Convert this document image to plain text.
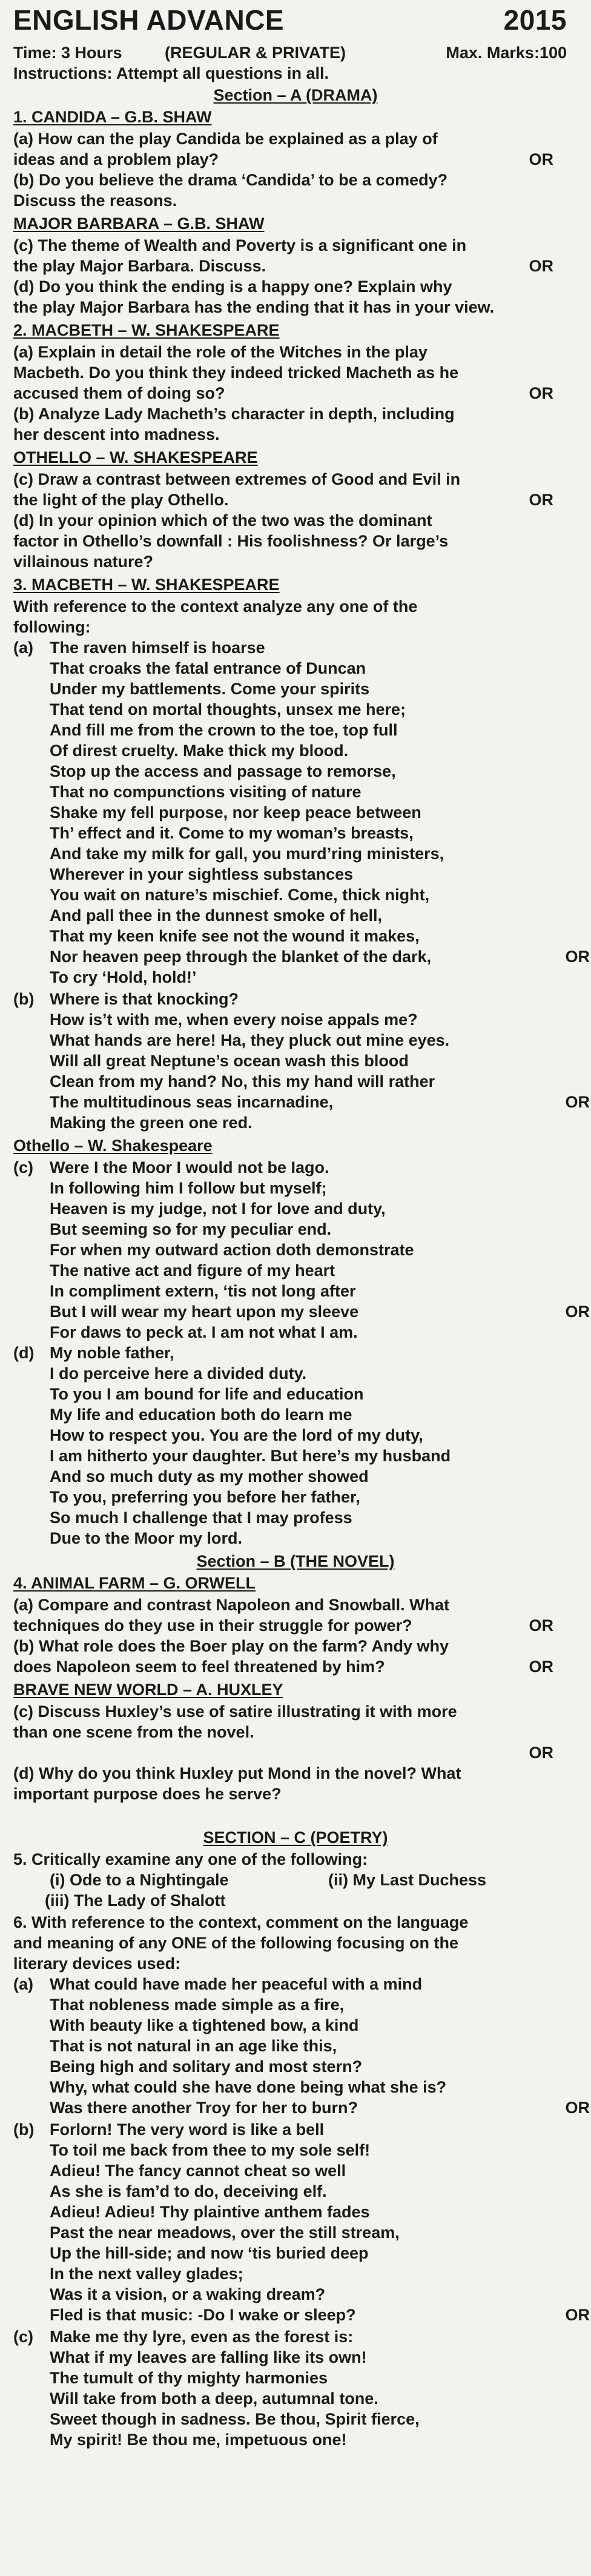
ENGLISH ADVANCE	2015
Time: 3 Hours	(REGULAR & PRIVATE)	Max. Marks:100
Instructions: Attempt all questions in all.
Section – A (DRAMA)
1. CANDIDA – G.B. SHAW
(a) How can the play Candida be explained as a play of
ideas and a problem play?	OR
(b) Do you believe the drama ‘Candida’ to be a comedy?
Discuss the reasons.
MAJOR BARBARA – G.B. SHAW
(c) The theme of Wealth and Poverty is a significant one in
the play Major Barbara. Discuss.	OR
(d) Do you think the ending is a happy one? Explain why
the play Major Barbara has the ending that it has in your view.
2. MACBETH – W. SHAKESPEARE
(a) Explain in detail the role of the Witches in the play
Macbeth. Do you think they indeed tricked Macheth as he
accused them of doing so?	OR
(b) Analyze Lady Macheth’s character in depth, including
her descent into madness.
OTHELLO – W. SHAKESPEARE
(c) Draw a contrast between extremes of Good and Evil in
the light of the play Othello.	OR
(d) In your opinion which of the two was the dominant
factor in Othello’s downfall : His foolishness? Or large’s
villainous nature?
3. MACBETH – W. SHAKESPEARE
With reference to the context analyze any one of the
following:
(a)	The raven himself is hoarse
That croaks the fatal entrance of Duncan
Under my battlements. Come your spirits
That tend on mortal thoughts, unsex me here;
And fill me from the crown to the toe, top full
Of direst cruelty. Make thick my blood.
Stop up the access and passage to remorse,
That no compunctions visiting of nature
Shake my fell purpose, nor keep peace between
Th’ effect and it. Come to my woman’s breasts,
And take my milk for gall, you murd’ring ministers,
Wherever in your sightless substances
You wait on nature’s mischief. Come, thick night,
And pall thee in the dunnest smoke of hell,
That my keen knife see not the wound it makes,
Nor heaven peep through the blanket of the dark,	OR
To cry ‘Hold, hold!’
(b) Where is that knocking?
How is’t with me, when every noise appals me?
What hands are here! Ha, they pluck out mine eyes.
Will all great Neptune’s ocean wash this blood
Clean from my hand? No, this my hand will rather
The multitudinous seas incarnadine,	OR
Making the green one red.
Othello – W. Shakespeare
(c)	Were I the Moor I would not be Iago.
In following him I follow but myself;
Heaven is my judge, not I for love and duty,
But seeming so for my peculiar end.
For when my outward action doth demonstrate
The native act and figure of my heart
In compliment extern, ‘tis not long after
But I will wear my heart upon my sleeve	OR
For daws to peck at. I am not what I am.
(d) My noble father,
I do perceive here a divided duty.
To you I am bound for life and education
My life and education both do learn me
How to respect you. You are the lord of my duty,
I am hitherto your daughter. But here’s my husband
And so much duty as my mother showed
To you, preferring you before her father,
So much I challenge that I may profess
Due to the Moor my lord.
Section – B (THE NOVEL)
4. ANIMAL FARM – G. ORWELL
(a) Compare and contrast Napoleon and Snowball. What
techniques do they use in their struggle for power?	OR
(b) What role does the Boer play on the farm? Andy why
does Napoleon seem to feel threatened by him?	OR
BRAVE NEW WORLD – A. HUXLEY
(c) Discuss Huxley’s use of satire illustrating it with more
than one scene from the novel.
OR
(d) Why do you think Huxley put Mond in the novel? What
important purpose does he serve?
SECTION – C (POETRY)
5. Critically examine any one of the following:
(i) Ode to a Nightingale	(ii) My Last Duchess
(iii) The Lady of Shalott
6. With reference to the context, comment on the language
and meaning of any ONE of the following focusing on the
literary devices used:
(a)	What could have made her peaceful with a mind
That nobleness made simple as a fire,
With beauty like a tightened bow, a kind
That is not natural in an age like this,
Being high and solitary and most stern?
Why, what could she have done being what she is?
Was there another Troy for her to burn?	OR
(b) Forlorn! The very word is like a bell
To toil me back from thee to my sole self!
Adieu! The fancy cannot cheat so well
As she is fam’d to do, deceiving elf.
Adieu! Adieu! Thy plaintive anthem fades
Past the near meadows, over the still stream,
Up the hill-side; and now ‘tis buried deep
In the next valley glades;
Was it a vision, or a waking dream?
Fled is that music: -Do I wake or sleep?	OR
(c)	Make me thy lyre, even as the forest is:
What if my leaves are falling like its own!
The tumult of thy mighty harmonies
Will take from both a deep, autumnal tone.
Sweet though in sadness. Be thou, Spirit fierce,
My spirit! Be thou me, impetuous one!
